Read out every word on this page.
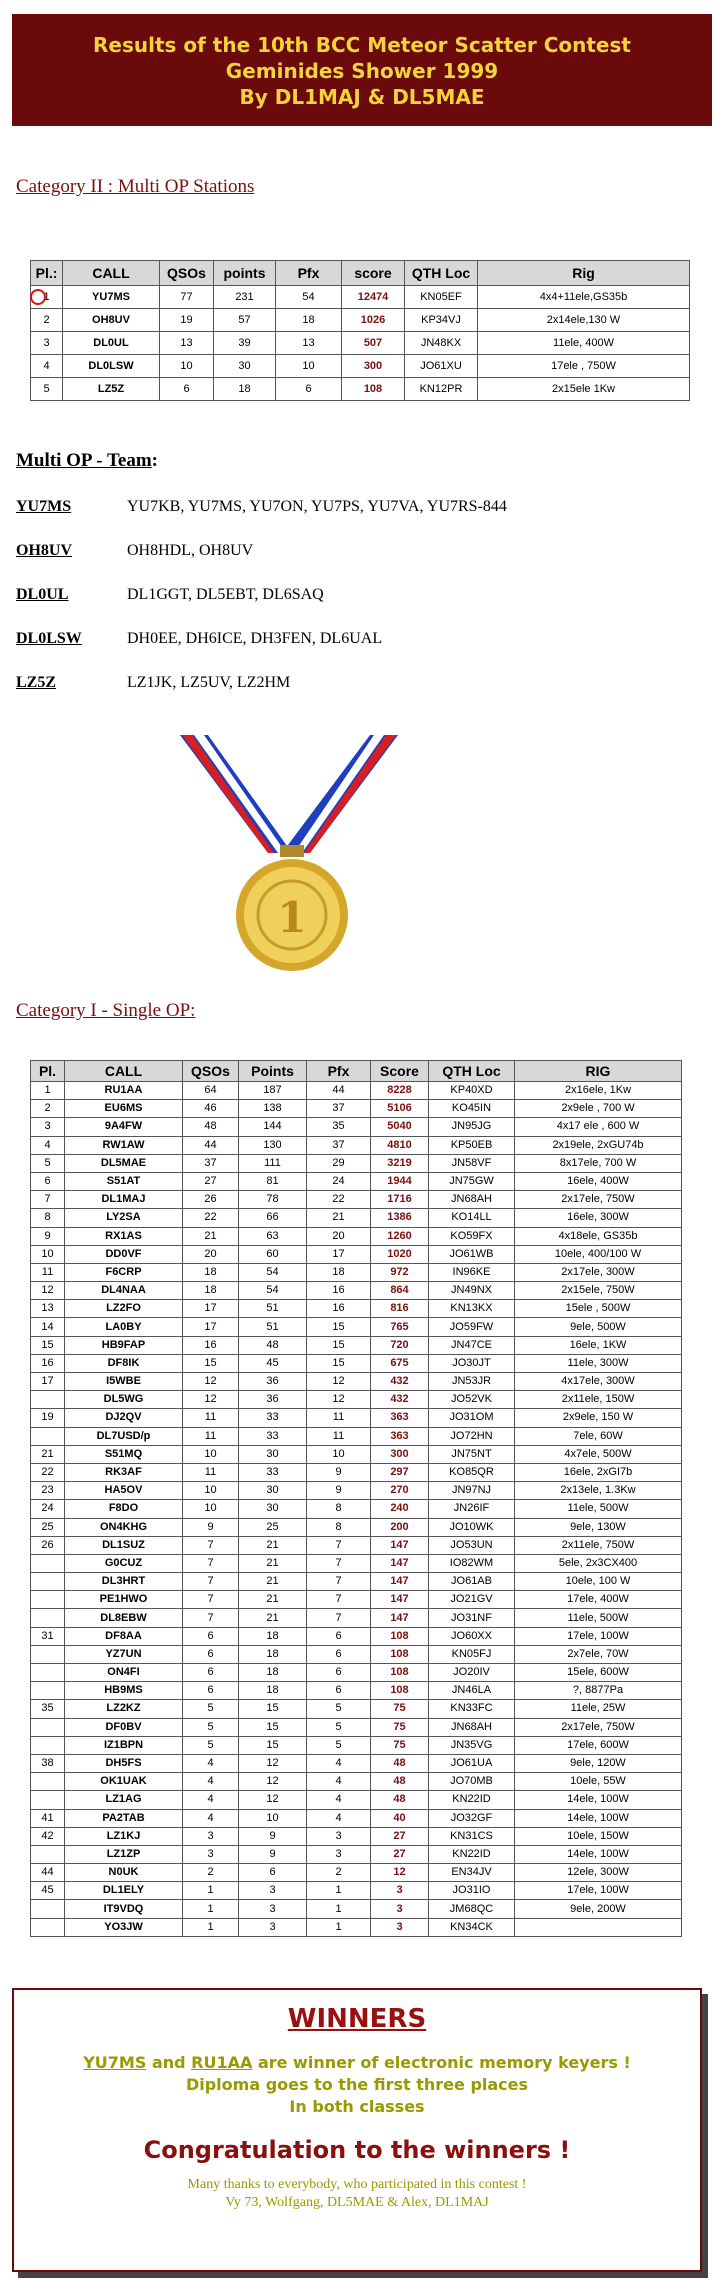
Results of the 10th BCC Meteor Scatter Contest
Geminides Shower 1999
By DL1MAJ & DL5MAE
Category II : Multi OP Stations
Pl.:	CALL	QSOs	points	Pfx	score	QTH Loc	Rig
1	YU7MS	77	231	54	12474	KN05EF	4x4+11ele,GS35b
2	OH8UV	19	57	18	1026	KP34VJ	2x14ele,130 W
3	DL0UL	13	39	13	507	JN48KX	11ele, 400W
4	DL0LSW	10	30	10	300	JO61XU	17ele , 750W
5	LZ5Z	6	18	6	108	KN12PR	2x15ele 1Kw
Multi OP - Team:
YU7MS	YU7KB, YU7MS, YU7ON, YU7PS, YU7VA, YU7RS-844
OH8UV	OH8HDL, OH8UV
DL0UL	DL1GGT, DL5EBT, DL6SAQ
DL0LSW	DH0EE, DH6ICE, DH3FEN, DL6UAL
LZ5Z	LZ1JK, LZ5UV, LZ2HM
1
Category I - Single OP:
Pl.	CALL	QSOs	Points	Pfx	Score	QTH Loc	RIG
1	RU1AA	64	187	44	8228	KP40XD	2x16ele, 1Kw
2	EU6MS	46	138	37	5106	KO45IN	2x9ele , 700 W
3	9A4FW	48	144	35	5040	JN95JG	4x17 ele , 600 W
4	RW1AW	44	130	37	4810	KP50EB	2x19ele, 2xGU74b
5	DL5MAE	37	111	29	3219	JN58VF	8x17ele, 700 W
6	S51AT	27	81	24	1944	JN75GW	16ele, 400W
7	DL1MAJ	26	78	22	1716	JN68AH	2x17ele, 750W
8	LY2SA	22	66	21	1386	KO14LL	16ele, 300W
9	RX1AS	21	63	20	1260	KO59FX	4x18ele, GS35b
10	DD0VF	20	60	17	1020	JO61WB	10ele, 400/100 W
11	F6CRP	18	54	18	972	IN96KE	2x17ele, 300W
12	DL4NAA	18	54	16	864	JN49NX	2x15ele, 750W
13	LZ2FO	17	51	16	816	KN13KX	15ele , 500W
14	LA0BY	17	51	15	765	JO59FW	9ele, 500W
15	HB9FAP	16	48	15	720	JN47CE	16ele, 1KW
16	DF8IK	15	45	15	675	JO30JT	11ele, 300W
17	I5WBE	12	36	12	432	JN53JR	4x17ele, 300W
	DL5WG	12	36	12	432	JO52VK	2x11ele, 150W
19	DJ2QV	11	33	11	363	JO31OM	2x9ele, 150 W
	DL7USD/p	11	33	11	363	JO72HN	7ele, 60W
21	S51MQ	10	30	10	300	JN75NT	4x7ele, 500W
22	RK3AF	11	33	9	297	KO85QR	16ele, 2xGI7b
23	HA5OV	10	30	9	270	JN97NJ	2x13ele, 1.3Kw
24	F8DO	10	30	8	240	JN26IF	11ele, 500W
25	ON4KHG	9	25	8	200	JO10WK	9ele, 130W
26	DL1SUZ	7	21	7	147	JO53UN	2x11ele, 750W
	G0CUZ	7	21	7	147	IO82WM	5ele, 2x3CX400
	DL3HRT	7	21	7	147	JO61AB	10ele, 100 W
	PE1HWO	7	21	7	147	JO21GV	17ele, 400W
	DL8EBW	7	21	7	147	JO31NF	11ele, 500W
31	DF8AA	6	18	6	108	JO60XX	17ele, 100W
	YZ7UN	6	18	6	108	KN05FJ	2x7ele, 70W
	ON4FI	6	18	6	108	JO20IV	15ele, 600W
	HB9MS	6	18	6	108	JN46LA	?, 8877Pa
35	LZ2KZ	5	15	5	75	KN33FC	11ele, 25W
	DF0BV	5	15	5	75	JN68AH	2x17ele, 750W
	IZ1BPN	5	15	5	75	JN35VG	17ele, 600W
38	DH5FS	4	12	4	48	JO61UA	9ele, 120W
	OK1UAK	4	12	4	48	JO70MB	10ele, 55W
	LZ1AG	4	12	4	48	KN22ID	14ele, 100W
41	PA2TAB	4	10	4	40	JO32GF	14ele, 100W
42	LZ1KJ	3	9	3	27	KN31CS	10ele, 150W
	LZ1ZP	3	9	3	27	KN22ID	14ele, 100W
44	N0UK	2	6	2	12	EN34JV	12ele, 300W
45	DL1ELY	1	3	1	3	JO31IO	17ele, 100W
	IT9VDQ	1	3	1	3	JM68QC	9ele, 200W
	YO3JW	1	3	1	3	KN34CK	
WINNERS
YU7MS and RU1AA are winner of electronic memory keyers !
Diploma goes to the first three places
In both classes
Congratulation to the winners !
Many thanks to everybody, who participated in this contest !
Vy 73, Wolfgang, DL5MAE & Alex, DL1MAJ
